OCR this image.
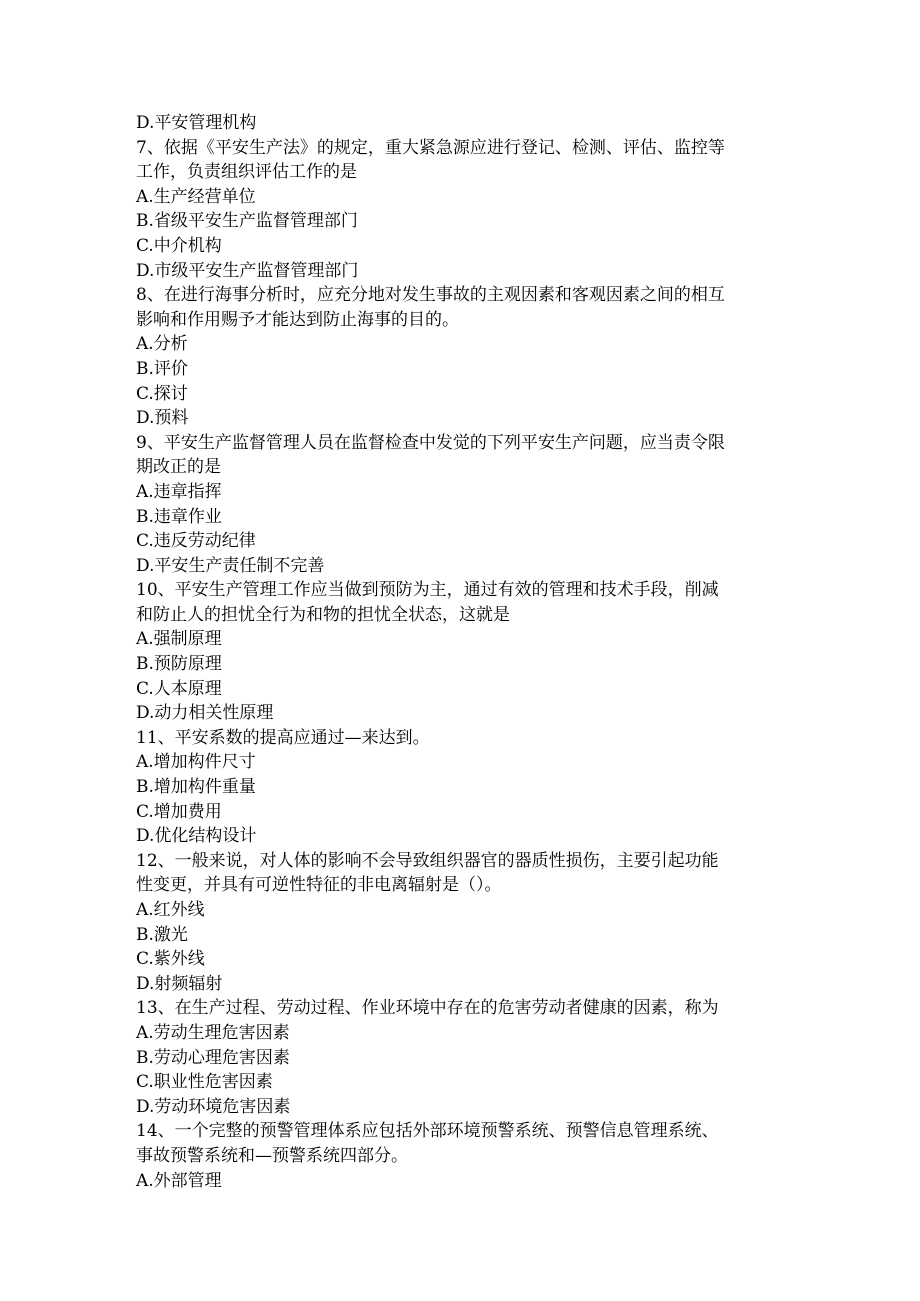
D.平安管理机构
7、依据《平安生产法》的规定，重大紧急源应进行登记、检测、评估、监控等
工作，负责组织评估工作的是
A.生产经营单位
B.省级平安生产监督管理部门
C.中介机构
D.市级平安生产监督管理部门
8、在进行海事分析时，应充分地对发生事故的主观因素和客观因素之间的相互
影响和作用赐予才能达到防止海事的目的。
A.分析
B.评价
C.探讨
D.预料
9、平安生产监督管理人员在监督检查中发觉的下列平安生产问题，应当责令限
期改正的是
A.违章指挥
B.违章作业
C.违反劳动纪律
D.平安生产责任制不完善
10、平安生产管理工作应当做到预防为主，通过有效的管理和技术手段，削减
和防止人的担忧全行为和物的担忧全状态，这就是
A.强制原理
B.预防原理
C.人本原理
D.动力相关性原理
11、平安系数的提高应通过—来达到。
A.增加构件尺寸
B.增加构件重量
C.增加费用
D.优化结构设计
12、一般来说，对人体的影响不会导致组织器官的器质性损伤，主要引起功能
性变更，并具有可逆性特征的非电离辐射是（）。
A.红外线
B.激光
C.紫外线
D.射频辐射
13、在生产过程、劳动过程、作业环境中存在的危害劳动者健康的因素，称为
A.劳动生理危害因素
B.劳动心理危害因素
C.职业性危害因素
D.劳动环境危害因素
14、一个完整的预警管理体系应包括外部环境预警系统、预警信息管理系统、
事故预警系统和—预警系统四部分。
A.外部管理
